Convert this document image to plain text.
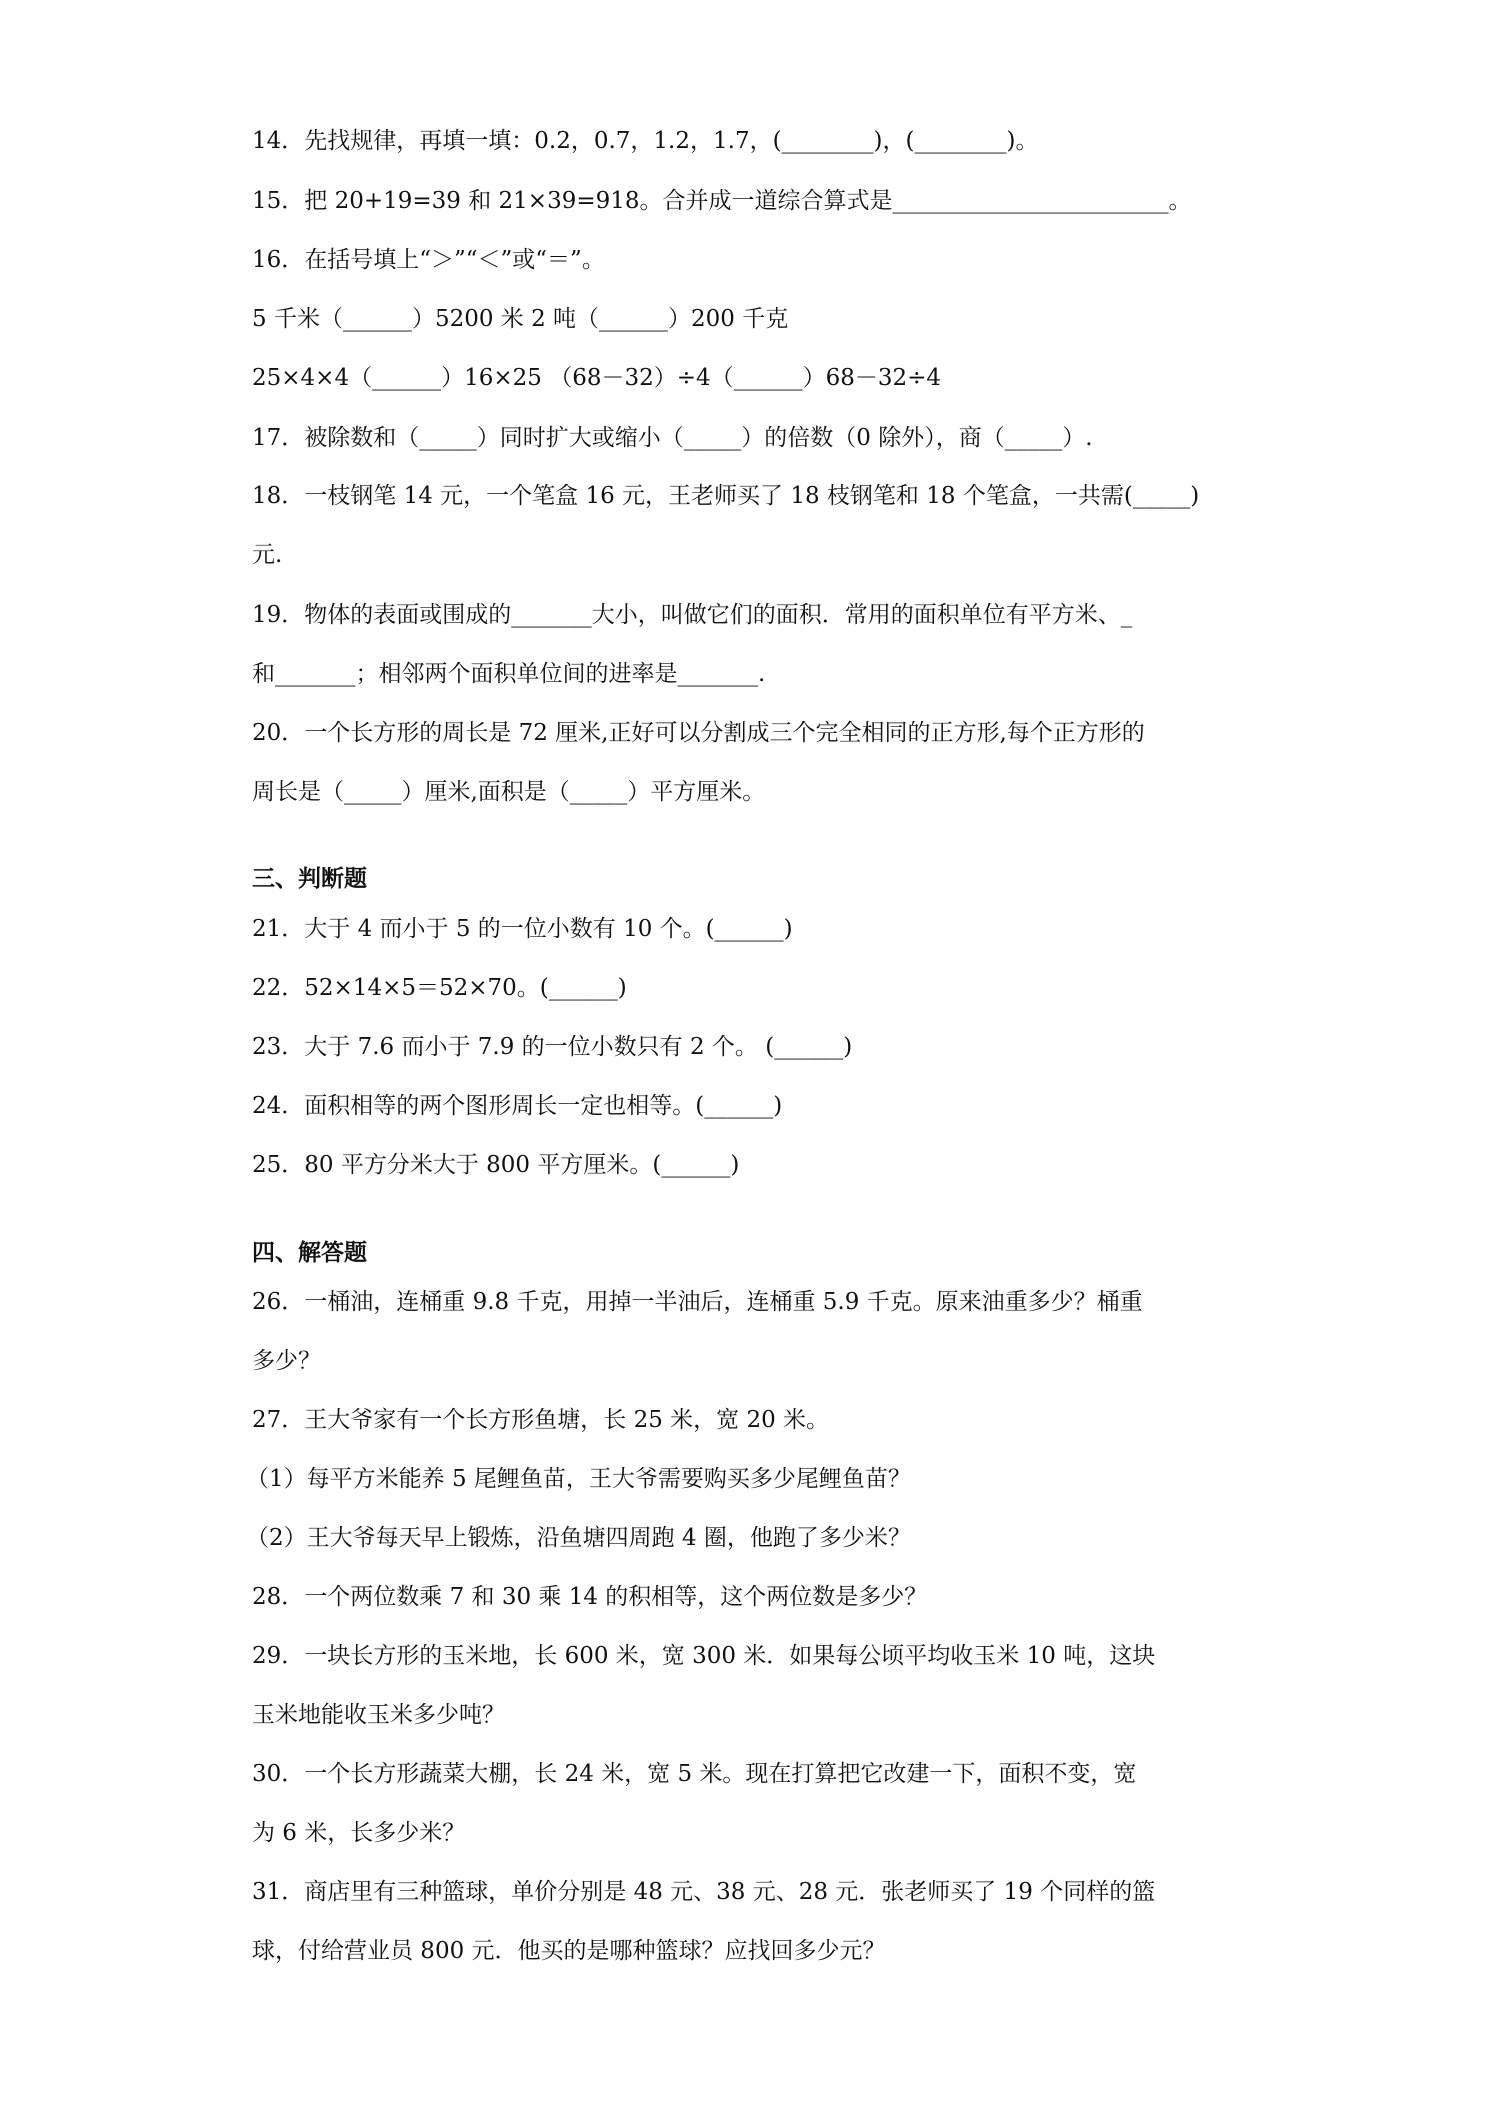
14．先找规律，再填一填：0.2，0.7，1.2，1.7，(________)，(________)。
15．把 20+19=39 和 21×39=918。合并成一道综合算式是________________________。
16．在括号填上“＞”“＜”或“＝”。
5 千米（______）5200 米 2 吨（______）200 千克
25×4×4（______）16×25 （68－32）÷4（______）68－32÷4
17．被除数和（_____）同时扩大或缩小（_____）的倍数（0 除外），商（_____）.
18．一枝钢笔 14 元，一个笔盒 16 元，王老师买了 18 枝钢笔和 18 个笔盒，一共需(_____)
元.
19．物体的表面或围成的_______大小，叫做它们的面积．常用的面积单位有平方米、_
和_______；相邻两个面积单位间的进率是_______.
20．一个长方形的周长是 72 厘米,正好可以分割成三个完全相同的正方形,每个正方形的
周长是（_____）厘米,面积是（_____）平方厘米。
三、判断题
21．大于 4 而小于 5 的一位小数有 10 个。(______)
22．52×14×5＝52×70。(______)
23．大于 7.6 而小于 7.9 的一位小数只有 2 个。 (______)
24．面积相等的两个图形周长一定也相等。(______)
25．80 平方分米大于 800 平方厘米。(______)
四、解答题
26．一桶油，连桶重 9.8 千克，用掉一半油后，连桶重 5.9 千克。原来油重多少？桶重
多少？
27．王大爷家有一个长方形鱼塘，长 25 米，宽 20 米。
（1）每平方米能养 5 尾鲤鱼苗，王大爷需要购买多少尾鲤鱼苗？
（2）王大爷每天早上锻炼，沿鱼塘四周跑 4 圈，他跑了多少米？
28．一个两位数乘 7 和 30 乘 14 的积相等，这个两位数是多少？
29．一块长方形的玉米地，长 600 米，宽 300 米．如果每公顷平均收玉米 10 吨，这块
玉米地能收玉米多少吨？
30．一个长方形蔬菜大棚，长 24 米，宽 5 米。现在打算把它改建一下，面积不变，宽
为 6 米，长多少米？
31．商店里有三种篮球，单价分别是 48 元、38 元、28 元．张老师买了 19 个同样的篮
球，付给营业员 800 元．他买的是哪种篮球？应找回多少元？
